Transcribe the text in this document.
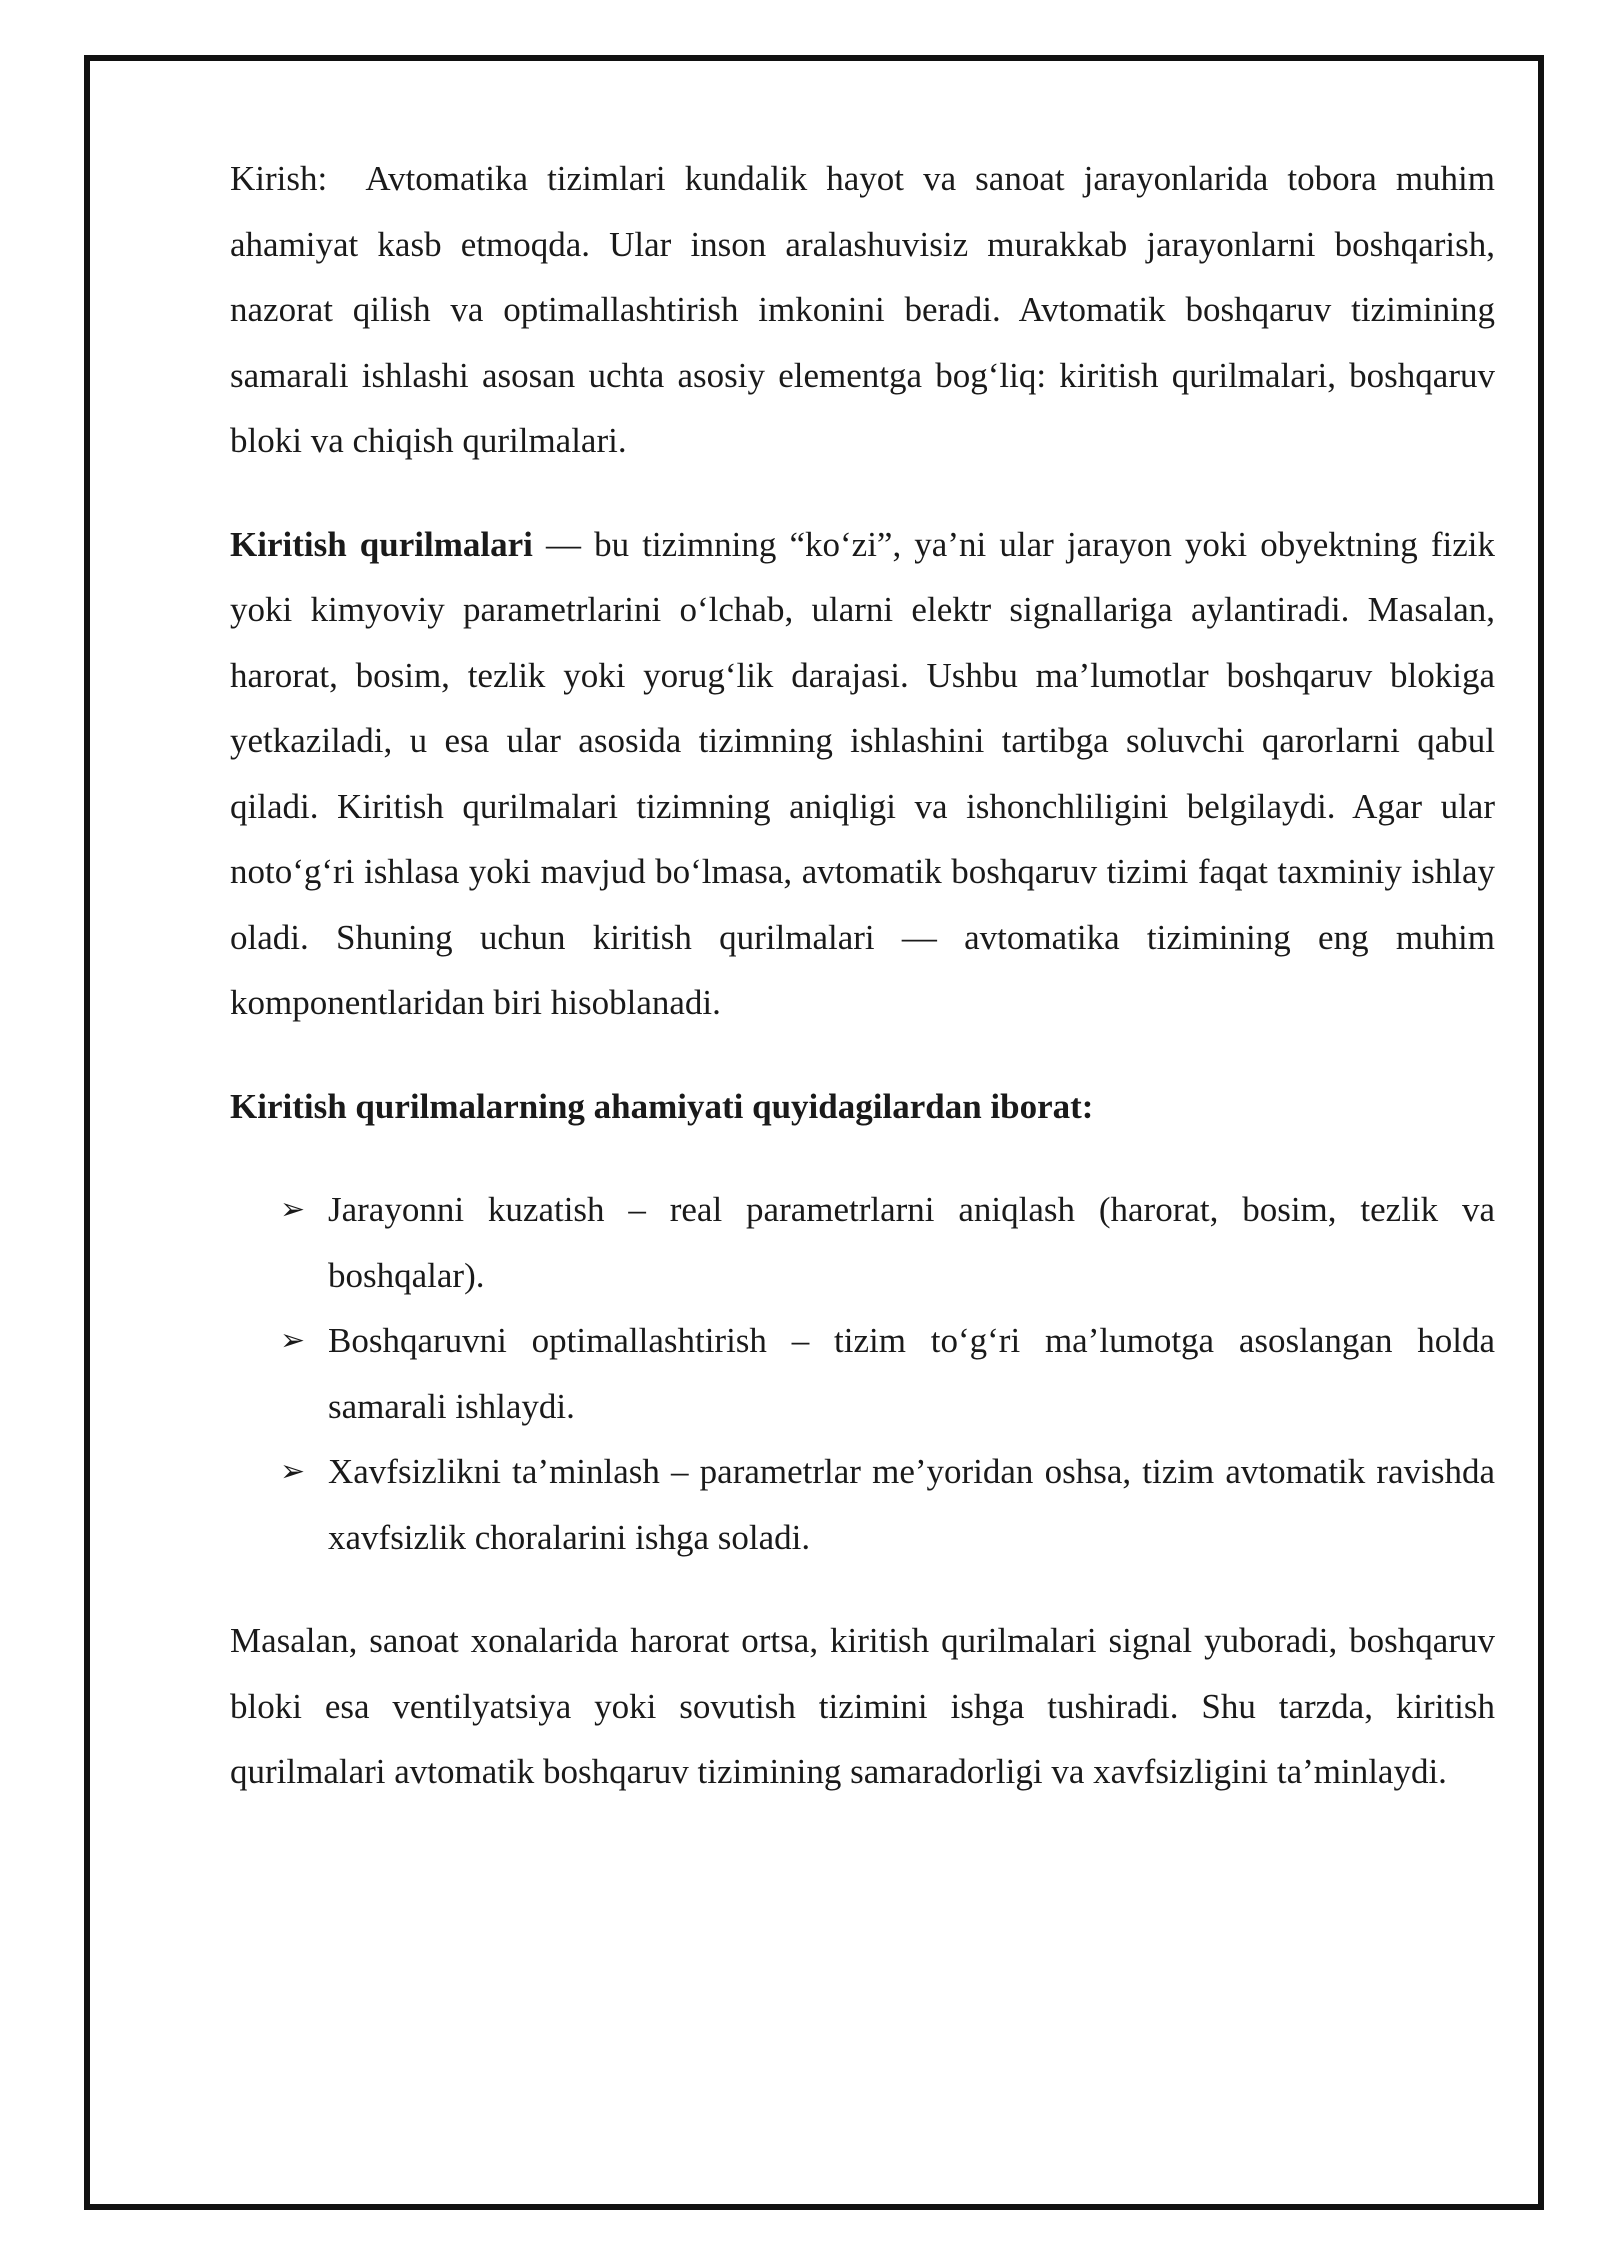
Kirish: Avtomatika tizimlari kundalik hayot va sanoat jarayonlarida tobora muhim ahamiyat kasb etmoqda. Ular inson aralashuvisiz murakkab jarayonlarni boshqarish, nazorat qilish va optimallashtirish imkonini beradi. Avtomatik boshqaruv tizimining samarali ishlashi asosan uchta asosiy elementga bog‘liq: kiritish qurilmalari, boshqaruv bloki va chiqish qurilmalari.

Kiritish qurilmalari — bu tizimning “ko‘zi”, ya’ni ular jarayon yoki obyektning fizik yoki kimyoviy parametrlarini o‘lchab, ularni elektr signallariga aylantiradi. Masalan, harorat, bosim, tezlik yoki yorug‘lik darajasi. Ushbu ma’lumotlar boshqaruv blokiga yetkaziladi, u esa ular asosida tizimning ishlashini tartibga soluvchi qarorlarni qabul qiladi. Kiritish qurilmalari tizimning aniqligi va ishonchliligini belgilaydi. Agar ular noto‘g‘ri ishlasa yoki mavjud bo‘lmasa, avtomatik boshqaruv tizimi faqat taxminiy ishlay oladi. Shuning uchun kiritish qurilmalari — avtomatika tizimining eng muhim komponentlaridan biri hisoblanadi.

Kiritish qurilmalarning ahamiyati quyidagilardan iborat:

➢ Jarayonni kuzatish – real parametrlarni aniqlash (harorat, bosim, tezlik va boshqalar).
➢ Boshqaruvni optimallashtirish – tizim to‘g‘ri ma’lumotga asoslangan holda samarali ishlaydi.
➢ Xavfsizlikni ta’minlash – parametrlar me’yoridan oshsa, tizim avtomatik ravishda xavfsizlik choralarini ishga soladi.

Masalan, sanoat xonalarida harorat ortsa, kiritish qurilmalari signal yuboradi, boshqaruv bloki esa ventilyatsiya yoki sovutish tizimini ishga tushiradi. Shu tarzda, kiritish qurilmalari avtomatik boshqaruv tizimining samaradorligi va xavfsizligini ta’minlaydi.
